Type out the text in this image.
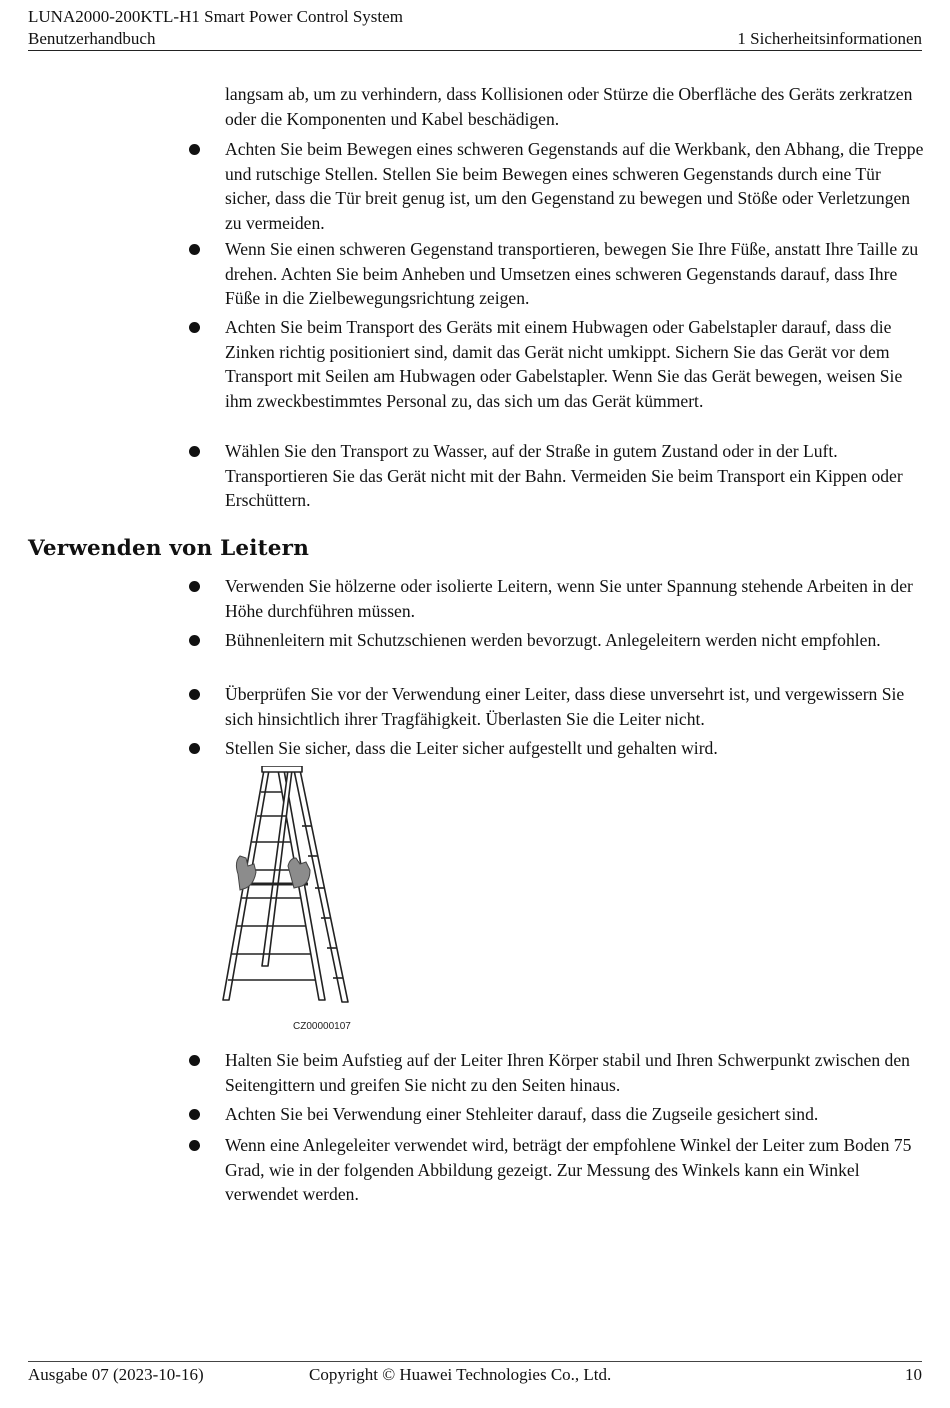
LUNA2000-200KTL-H1 Smart Power Control System
Benutzerhandbuch	1 Sicherheitsinformationen

langsam ab, um zu verhindern, dass Kollisionen oder Stürze die Oberfläche des Geräts zerkratzen oder die Komponenten und Kabel beschädigen.

Achten Sie beim Bewegen eines schweren Gegenstands auf die Werkbank, den Abhang, die Treppe und rutschige Stellen. Stellen Sie beim Bewegen eines schweren Gegenstands durch eine Tür sicher, dass die Tür breit genug ist, um den Gegenstand zu bewegen und Stöße oder Verletzungen zu vermeiden.
Wenn Sie einen schweren Gegenstand transportieren, bewegen Sie Ihre Füße, anstatt Ihre Taille zu drehen. Achten Sie beim Anheben und Umsetzen eines schweren Gegenstands darauf, dass Ihre Füße in die Zielbewegungsrichtung zeigen.
Achten Sie beim Transport des Geräts mit einem Hubwagen oder Gabelstapler darauf, dass die Zinken richtig positioniert sind, damit das Gerät nicht umkippt. Sichern Sie das Gerät vor dem Transport mit Seilen am Hubwagen oder Gabelstapler. Wenn Sie das Gerät bewegen, weisen Sie ihm zweckbestimmtes Personal zu, das sich um das Gerät kümmert.
Wählen Sie den Transport zu Wasser, auf der Straße in gutem Zustand oder in der Luft. Transportieren Sie das Gerät nicht mit der Bahn. Vermeiden Sie beim Transport ein Kippen oder Erschüttern.
Verwenden von Leitern
Verwenden Sie hölzerne oder isolierte Leitern, wenn Sie unter Spannung stehende Arbeiten in der Höhe durchführen müssen.
Bühnenleitern mit Schutzschienen werden bevorzugt. Anlegeleitern werden nicht empfohlen.
Überprüfen Sie vor der Verwendung einer Leiter, dass diese unversehrt ist, und vergewissern Sie sich hinsichtlich ihrer Tragfähigkeit. Überlasten Sie die Leiter nicht.
Stellen Sie sicher, dass die Leiter sicher aufgestellt und gehalten wird.
CZ00000107
Halten Sie beim Aufstieg auf der Leiter Ihren Körper stabil und Ihren Schwerpunkt zwischen den Seitengittern und greifen Sie nicht zu den Seiten hinaus.
Achten Sie bei Verwendung einer Stehleiter darauf, dass die Zugseile gesichert sind.
Wenn eine Anlegeleiter verwendet wird, beträgt der empfohlene Winkel der Leiter zum Boden 75 Grad, wie in der folgenden Abbildung gezeigt. Zur Messung des Winkels kann ein Winkel verwendet werden.
Ausgabe 07 (2023-10-16)	Copyright © Huawei Technologies Co., Ltd.	10
